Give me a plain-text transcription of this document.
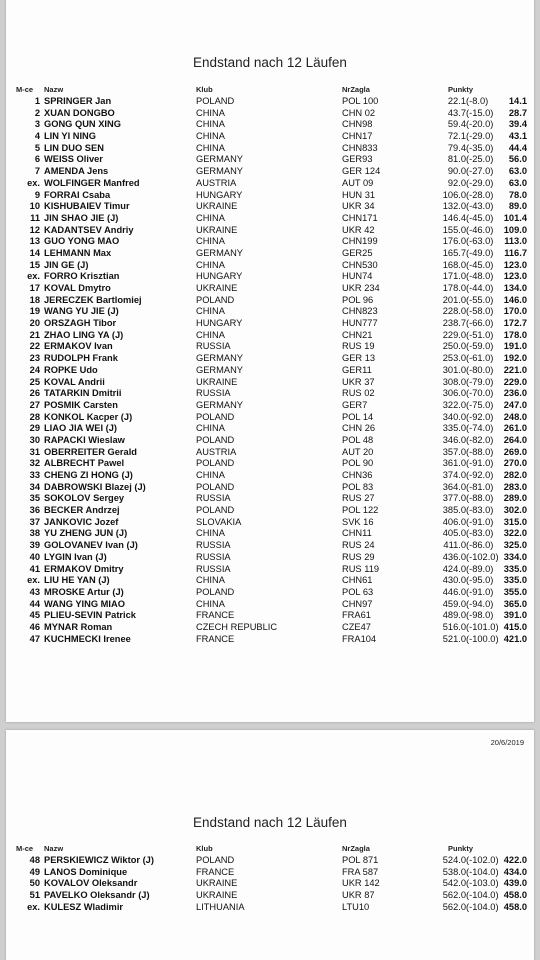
Endstand nach 12 Läufen
M-ce Nazw	Klub	NrZagla	Punkty
1 SPRINGER Jan	POLAND	POL 100	22.1 (-8.0)	14.1
2 XUAN DONGBO	CHINA	CHN 02	43.7 (-15.0)	28.7
3 GONG QUN XING	CHINA	CHN98	59.4 (-20.0)	39.4
4 LIN YI NING	CHINA	CHN17	72.1 (-29.0)	43.1
5 LIN DUO SEN	CHINA	CHN833	79.4 (-35.0)	44.4
6 WEISS Oliver	GERMANY	GER93	81.0 (-25.0)	56.0
7 AMENDA Jens	GERMANY	GER 124	90.0 (-27.0)	63.0
ex. WOLFINGER Manfred	AUSTRIA	AUT 09	92.0 (-29.0)	63.0
9 FORRAI Csaba	HUNGARY	HUN 31	106.0 (-28.0)	78.0
10 KISHUBAIEV Timur	UKRAINE	UKR 34	132.0 (-43.0)	89.0
11 JIN SHAO JIE (J)	CHINA	CHN171	146.4 (-45.0)	101.4
12 KADANTSEV Andriy	UKRAINE	UKR 42	155.0 (-46.0)	109.0
13 GUO YONG MAO	CHINA	CHN199	176.0 (-63.0)	113.0
14 LEHMANN Max	GERMANY	GER25	165.7 (-49.0)	116.7
15 JIN GE (J)	CHINA	CHN530	168.0 (-45.0)	123.0
ex. FORRO Krisztian	HUNGARY	HUN74	171.0 (-48.0)	123.0
17 KOVAL Dmytro	UKRAINE	UKR 234	178.0 (-44.0)	134.0
18 JERECZEK Bartlomiej	POLAND	POL 96	201.0 (-55.0)	146.0
19 WANG YU JIE (J)	CHINA	CHN823	228.0 (-58.0)	170.0
20 ORSZAGH Tibor	HUNGARY	HUN777	238.7 (-66.0)	172.7
21 ZHAO LING YA (J)	CHINA	CHN21	229.0 (-51.0)	178.0
22 ERMAKOV Ivan	RUSSIA	RUS 19	250.0 (-59.0)	191.0
23 RUDOLPH Frank	GERMANY	GER 13	253.0 (-61.0)	192.0
24 ROPKE Udo	GERMANY	GER11	301.0 (-80.0)	221.0
25 KOVAL Andrii	UKRAINE	UKR 37	308.0 (-79.0)	229.0
26 TATARKIN Dmitrii	RUSSIA	RUS 02	306.0 (-70.0)	236.0
27 POSMIK Carsten	GERMANY	GER7	322.0 (-75.0)	247.0
28 KONKOL Kacper (J)	POLAND	POL 14	340.0 (-92.0)	248.0
29 LIAO JIA WEI (J)	CHINA	CHN 26	335.0 (-74.0)	261.0
30 RAPACKI Wieslaw	POLAND	POL 48	346.0 (-82.0)	264.0
31 OBERREITER Gerald	AUSTRIA	AUT 20	357.0 (-88.0)	269.0
32 ALBRECHT Pawel	POLAND	POL 90	361.0 (-91.0)	270.0
33 CHENG ZI HONG (J)	CHINA	CHN36	374.0 (-92.0)	282.0
34 DABROWSKI Blazej (J)	POLAND	POL 83	364.0 (-81.0)	283.0
35 SOKOLOV Sergey	RUSSIA	RUS 27	377.0 (-88.0)	289.0
36 BECKER Andrzej	POLAND	POL 122	385.0 (-83.0)	302.0
37 JANKOVIC Jozef	SLOVAKIA	SVK 16	406.0 (-91.0)	315.0
38 YU ZHENG JUN (J)	CHINA	CHN11	405.0 (-83.0)	322.0
39 GOLOVANEV Ivan (J)	RUSSIA	RUS 24	411.0 (-86.0)	325.0
40 LYGIN Ivan (J)	RUSSIA	RUS 29	436.0 (-102.0) 334.0
41 ERMAKOV Dmitry	RUSSIA	RUS 119	424.0 (-89.0)	335.0
ex. LIU HE YAN (J)	CHINA	CHN61	430.0 (-95.0)	335.0
43 MROSKE Artur (J)	POLAND	POL 63	446.0 (-91.0)	355.0
44 WANG YING MIAO	CHINA	CHN97	459.0 (-94.0)	365.0
45 PLIEU-SEVIN Patrick	FRANCE	FRA61	489.0 (-98.0)	391.0
46 MYNAR Roman	CZECH REPUBLIC	CZE47	516.0 (-101.0) 415.0
47 KUCHMECKI Irenee	FRANCE	FRA104	521.0 (-100.0) 421.0
20/6/2019
Endstand nach 12 Läufen
M-ce Nazw	Klub	NrZagla	Punkty
48 PERSKIEWICZ Wiktor (J)	POLAND	POL 871	524.0 (-102.0) 422.0
49 LANOS Dominique	FRANCE	FRA 587	538.0 (-104.0) 434.0
50 KOVALOV Oleksandr	UKRAINE	UKR 142	542.0 (-103.0) 439.0
51 PAVELKO Oleksandr (J)	UKRAINE	UKR 87	562.0 (-104.0) 458.0
ex. KULESZ Wladimir	LITHUANIA	LTU10	562.0 (-104.0) 458.0
